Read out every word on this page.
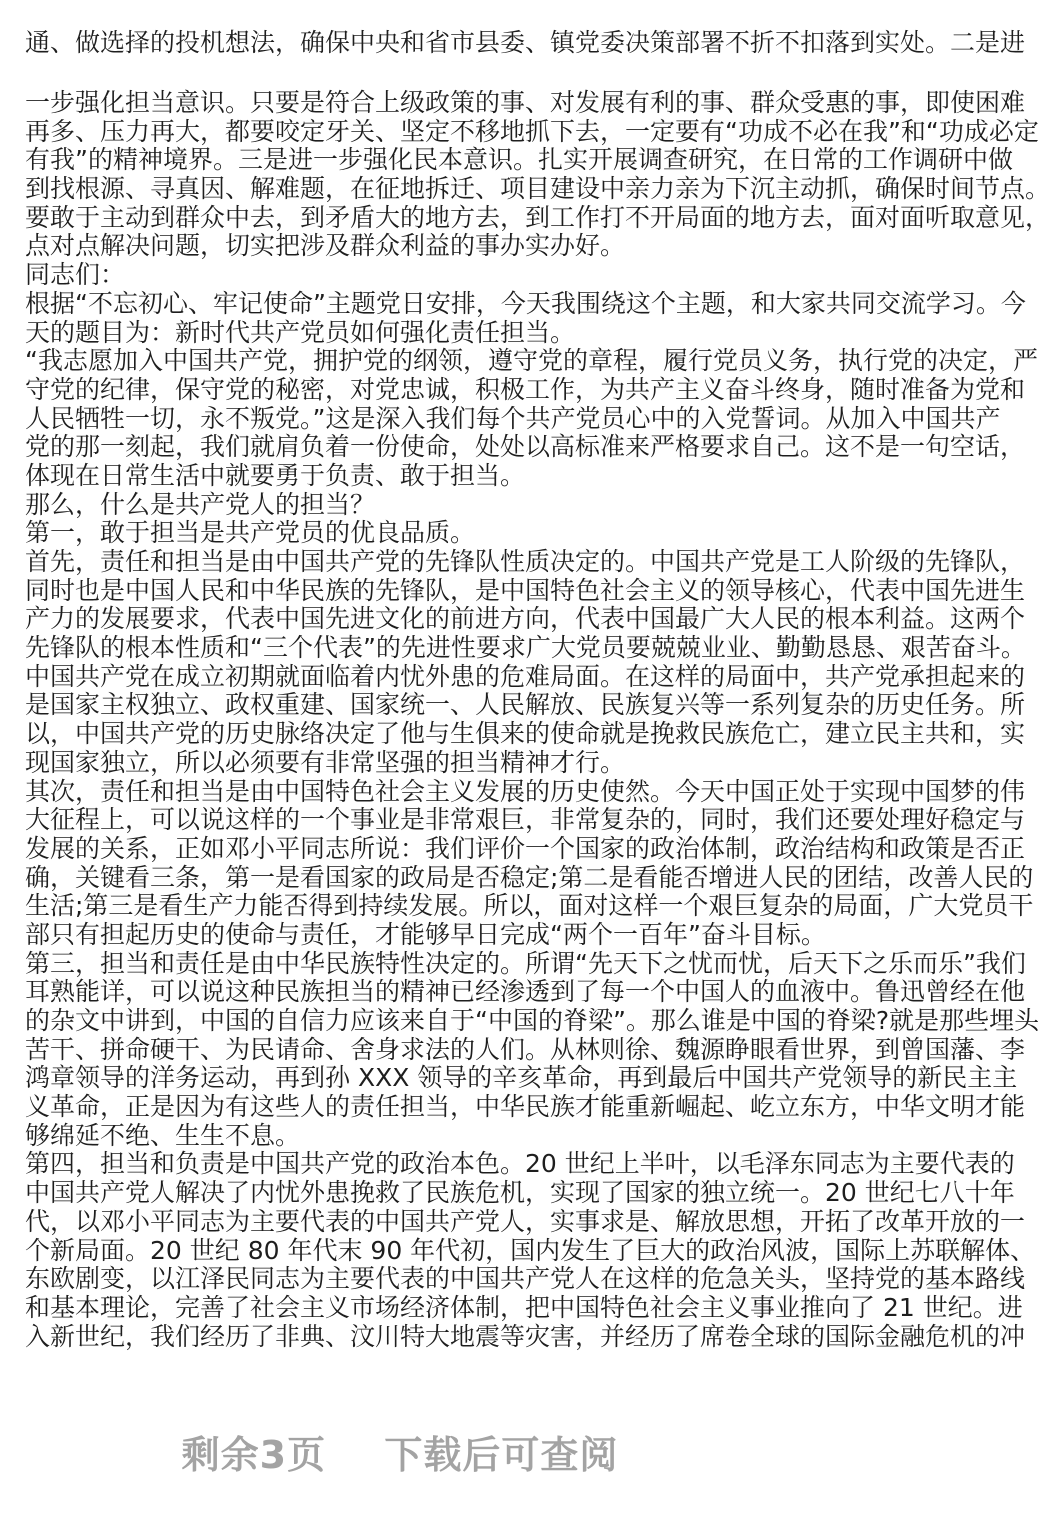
通、做选择的投机想法，确保中央和省市县委、镇党委决策部署不折不扣落到实处。二是进
一步强化担当意识。只要是符合上级政策的事、对发展有利的事、群众受惠的事，即使困难
再多、压力再大，都要咬定牙关、坚定不移地抓下去，一定要有“功成不必在我”和“功成必定
有我”的精神境界。三是进一步强化民本意识。扎实开展调查研究，在日常的工作调研中做
到找根源、寻真因、解难题，在征地拆迁、项目建设中亲力亲为下沉主动抓，确保时间节点。
要敢于主动到群众中去，到矛盾大的地方去，到工作打不开局面的地方去，面对面听取意见，
点对点解决问题，切实把涉及群众利益的事办实办好。
同志们：
根据“不忘初心、牢记使命”主题党日安排，今天我围绕这个主题，和大家共同交流学习。今
天的题目为：新时代共产党员如何强化责任担当。
“我志愿加入中国共产党，拥护党的纲领，遵守党的章程，履行党员义务，执行党的决定，严
守党的纪律，保守党的秘密，对党忠诚，积极工作，为共产主义奋斗终身，随时准备为党和
人民牺牲一切，永不叛党。”这是深入我们每个共产党员心中的入党誓词。从加入中国共产
党的那一刻起，我们就肩负着一份使命，处处以高标准来严格要求自己。这不是一句空话，
体现在日常生活中就要勇于负责、敢于担当。
那么，什么是共产党人的担当？
第一，敢于担当是共产党员的优良品质。
首先，责任和担当是由中国共产党的先锋队性质决定的。中国共产党是工人阶级的先锋队，
同时也是中国人民和中华民族的先锋队，是中国特色社会主义的领导核心，代表中国先进生
产力的发展要求，代表中国先进文化的前进方向，代表中国最广大人民的根本利益。这两个
先锋队的根本性质和“三个代表”的先进性要求广大党员要兢兢业业、勤勤恳恳、艰苦奋斗。
中国共产党在成立初期就面临着内忧外患的危难局面。在这样的局面中，共产党承担起来的
是国家主权独立、政权重建、国家统一、人民解放、民族复兴等一系列复杂的历史任务。所
以，中国共产党的历史脉络决定了他与生俱来的使命就是挽救民族危亡，建立民主共和，实
现国家独立，所以必须要有非常坚强的担当精神才行。
其次，责任和担当是由中国特色社会主义发展的历史使然。今天中国正处于实现中国梦的伟
大征程上，可以说这样的一个事业是非常艰巨，非常复杂的，同时，我们还要处理好稳定与
发展的关系，正如邓小平同志所说：我们评价一个国家的政治体制，政治结构和政策是否正
确，关键看三条，第一是看国家的政局是否稳定;第二是看能否增进人民的团结，改善人民的
生活;第三是看生产力能否得到持续发展。所以，面对这样一个艰巨复杂的局面，广大党员干
部只有担起历史的使命与责任，才能够早日完成“两个一百年”奋斗目标。
第三，担当和责任是由中华民族特性决定的。所谓“先天下之忧而忧，后天下之乐而乐”我们
耳熟能详，可以说这种民族担当的精神已经渗透到了每一个中国人的血液中。鲁迅曾经在他
的杂文中讲到，中国的自信力应该来自于“中国的脊梁”。那么谁是中国的脊梁?就是那些埋头
苦干、拼命硬干、为民请命、舍身求法的人们。从林则徐、魏源睁眼看世界，到曾国藩、李
鸿章领导的洋务运动，再到孙 XXX 领导的辛亥革命，再到最后中国共产党领导的新民主主
义革命，正是因为有这些人的责任担当，中华民族才能重新崛起、屹立东方，中华文明才能
够绵延不绝、生生不息。
第四，担当和负责是中国共产党的政治本色。20 世纪上半叶，以毛泽东同志为主要代表的
中国共产党人解决了内忧外患挽救了民族危机，实现了国家的独立统一。20 世纪七八十年
代，以邓小平同志为主要代表的中国共产党人，实事求是、解放思想，开拓了改革开放的一
个新局面。20 世纪 80 年代末 90 年代初，国内发生了巨大的政治风波，国际上苏联解体、
东欧剧变，以江泽民同志为主要代表的中国共产党人在这样的危急关头，坚持党的基本路线
和基本理论，完善了社会主义市场经济体制，把中国特色社会主义事业推向了 21 世纪。进
入新世纪，我们经历了非典、汶川特大地震等灾害，并经历了席卷全球的国际金融危机的冲
剩余3页 下载后可查阅
